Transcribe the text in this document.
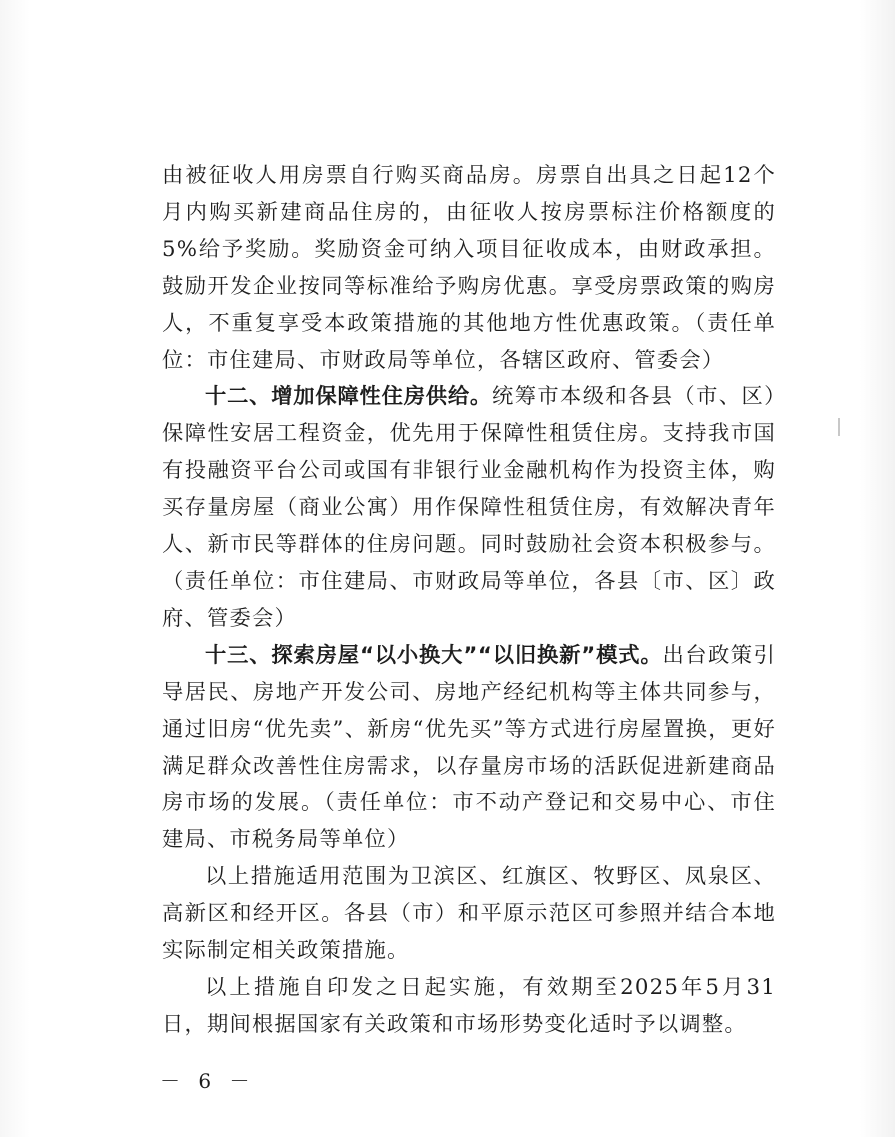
由被征收人用房票自行购买商品房。房票自出具之日起12个月内购买新建商品住房的，由征收人按房票标注价格额度的5%给予奖励。奖励资金可纳入项目征收成本，由财政承担。鼓励开发企业按同等标准给予购房优惠。享受房票政策的购房人，不重复享受本政策措施的其他地方性优惠政策。（责任单位：市住建局、市财政局等单位，各辖区政府、管委会）

十二、增加保障性住房供给。统筹市本级和各县（市、区）保障性安居工程资金，优先用于保障性租赁住房。支持我市国有投融资平台公司或国有非银行业金融机构作为投资主体，购买存量房屋（商业公寓）用作保障性租赁住房，有效解决青年人、新市民等群体的住房问题。同时鼓励社会资本积极参与。（责任单位：市住建局、市财政局等单位，各县〔市、区〕政府、管委会）

十三、探索房屋“以小换大”“以旧换新”模式。出台政策引导居民、房地产开发公司、房地产经纪机构等主体共同参与，通过旧房“优先卖”、新房“优先买”等方式进行房屋置换，更好满足群众改善性住房需求，以存量房市场的活跃促进新建商品房市场的发展。（责任单位：市不动产登记和交易中心、市住建局、市税务局等单位）

以上措施适用范围为卫滨区、红旗区、牧野区、凤泉区、高新区和经开区。各县（市）和平原示范区可参照并结合本地实际制定相关政策措施。

以上措施自印发之日起实施，有效期至2025年5月31日，期间根据国家有关政策和市场形势变化适时予以调整。

－ 6 －
